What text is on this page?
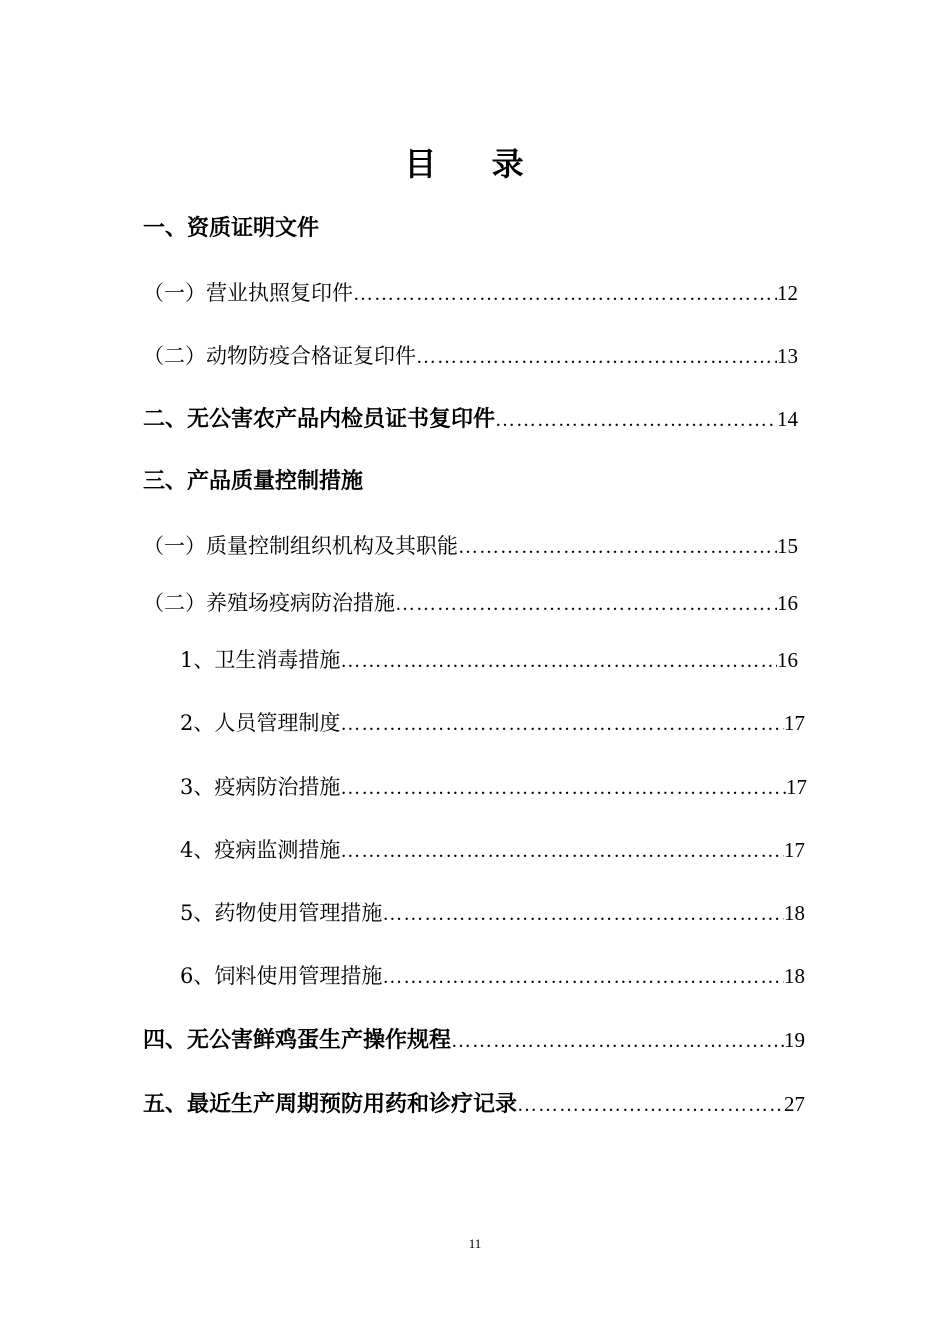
目 录
一、资质证明文件
（一）营业执照复印件 ……………………………………………………………………………………………………………………………………	12
（二）动物防疫合格证复印件 ……………………………………………………………………………………………………………………………………	13
二、无公害农产品内检员证书复印件 ……………………………………………………………………………………………………………………………………	14
三、产品质量控制措施
（一）质量控制组织机构及其职能 ……………………………………………………………………………………………………………………………………	15
（二）养殖场疫病防治措施 ……………………………………………………………………………………………………………………………………	16
1、卫生消毒措施 ……………………………………………………………………………………………………………………………………	16
2、人员管理制度 ……………………………………………………………………………………………………………………………………	17
3、疫病防治措施 ……………………………………………………………………………………………………………………………………	17
4、疫病监测措施 ……………………………………………………………………………………………………………………………………	17
5、药物使用管理措施 ……………………………………………………………………………………………………………………………………	18
6、饲料使用管理措施 ……………………………………………………………………………………………………………………………………	18
四、无公害鲜鸡蛋生产操作规程 ……………………………………………………………………………………………………………………………………	19
五、最近生产周期预防用药和诊疗记录 ……………………………………………………………………………………………………………………………………	27
11
